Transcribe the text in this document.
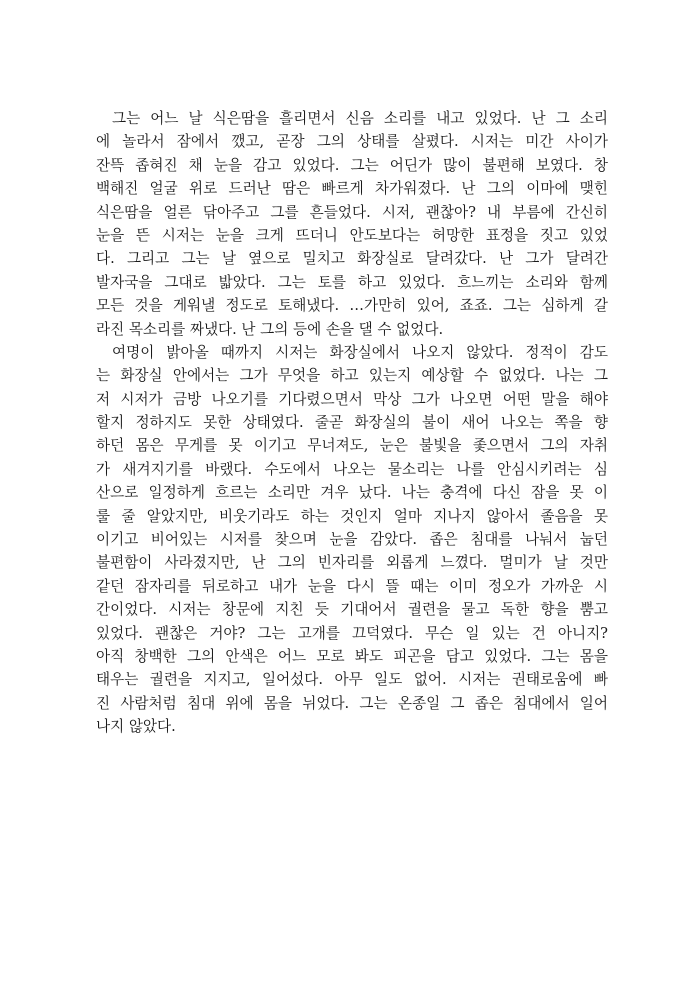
그는 어느 날 식은땀을 흘리면서 신음 소리를 내고 있었다. 난 그 소리
에 놀라서 잠에서 깼고, 곧장 그의 상태를 살폈다. 시저는 미간 사이가
잔뜩 좁혀진 채 눈을 감고 있었다. 그는 어딘가 많이 불편해 보였다. 창
백해진 얼굴 위로 드러난 땀은 빠르게 차가워졌다. 난 그의 이마에 맺힌
식은땀을 얼른 닦아주고 그를 흔들었다. 시저, 괜찮아? 내 부름에 간신히
눈을 뜬 시저는 눈을 크게 뜨더니 안도보다는 허망한 표정을 짓고 있었
다. 그리고 그는 날 옆으로 밀치고 화장실로 달려갔다. 난 그가 달려간
발자국을 그대로 밟았다. 그는 토를 하고 있었다. 흐느끼는 소리와 함께
모든 것을 게워낼 정도로 토해냈다. …가만히 있어, 죠죠. 그는 심하게 갈
라진 목소리를 짜냈다. 난 그의 등에 손을 댈 수 없었다.
여명이 밝아올 때까지 시저는 화장실에서 나오지 않았다. 정적이 감도
는 화장실 안에서는 그가 무엇을 하고 있는지 예상할 수 없었다. 나는 그
저 시저가 금방 나오기를 기다렸으면서 막상 그가 나오면 어떤 말을 해야
할지 정하지도 못한 상태였다. 줄곧 화장실의 불이 새어 나오는 쪽을 향
하던 몸은 무게를 못 이기고 무너져도, 눈은 불빛을 좇으면서 그의 자취
가 새겨지기를 바랬다. 수도에서 나오는 물소리는 나를 안심시키려는 심
산으로 일정하게 흐르는 소리만 겨우 났다. 나는 충격에 다신 잠을 못 이
룰 줄 알았지만, 비웃기라도 하는 것인지 얼마 지나지 않아서 졸음을 못
이기고 비어있는 시저를 찾으며 눈을 감았다. 좁은 침대를 나눠서 눕던
불편함이 사라졌지만, 난 그의 빈자리를 외롭게 느꼈다. 멀미가 날 것만
같던 잠자리를 뒤로하고 내가 눈을 다시 뜰 때는 이미 정오가 가까운 시
간이었다. 시저는 창문에 지친 듯 기대어서 궐련을 물고 독한 향을 뿜고
있었다. 괜찮은 거야? 그는 고개를 끄덕였다. 무슨 일 있는 건 아니지?
아직 창백한 그의 안색은 어느 모로 봐도 피곤을 담고 있었다. 그는 몸을
태우는 궐련을 지지고, 일어섰다. 아무 일도 없어. 시저는 권태로움에 빠
진 사람처럼 침대 위에 몸을 뉘었다. 그는 온종일 그 좁은 침대에서 일어
나지 않았다.
